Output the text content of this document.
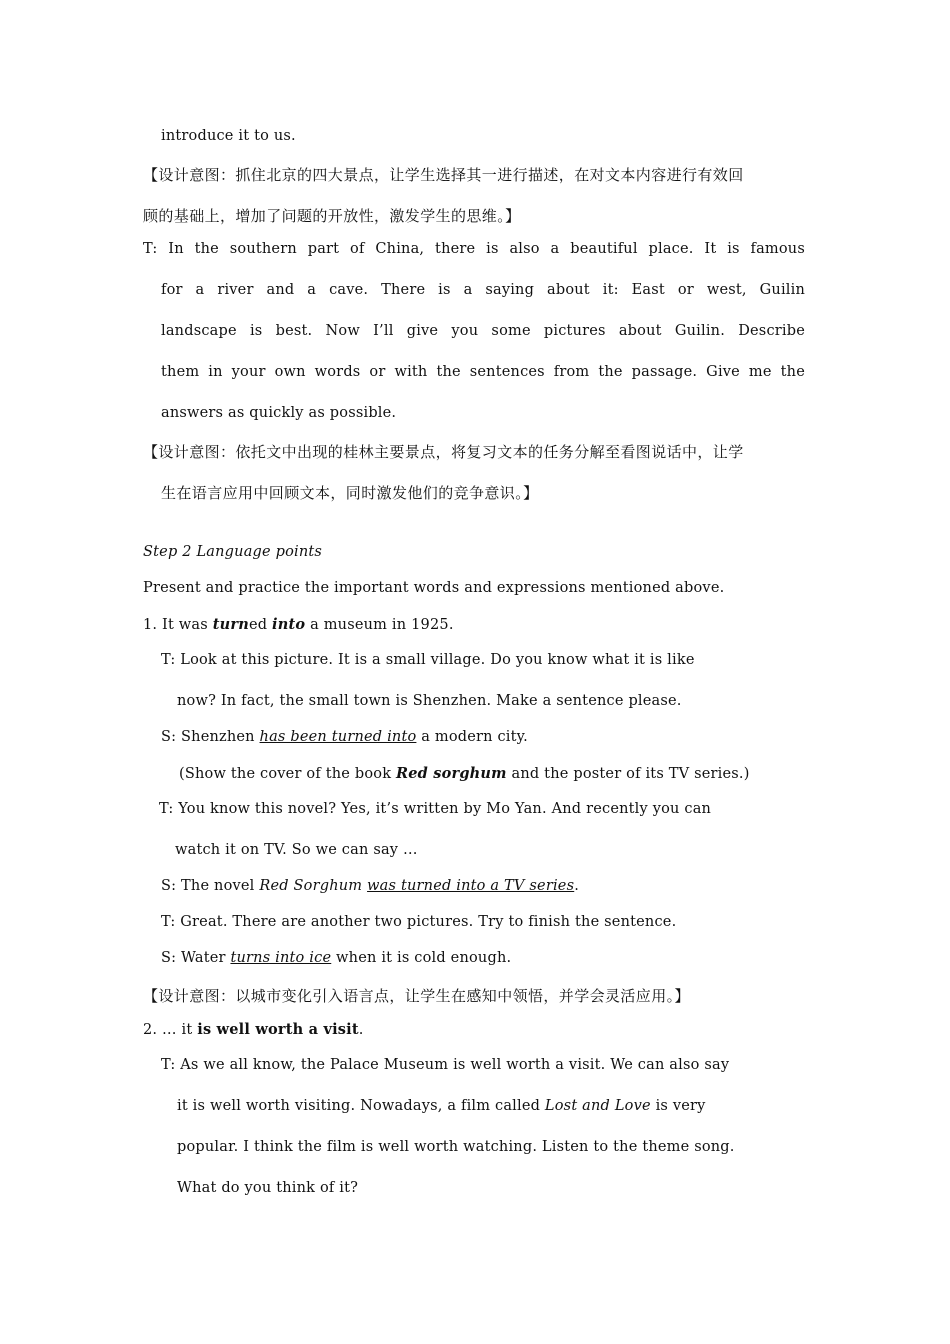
introduce it to us.
【设计意图：抓住北京的四大景点，让学生选择其一进行描述，在对文本内容进行有效回
顾的基础上，增加了问题的开放性，激发学生的思维。】
T: In the southern part of China, there is also a beautiful place. It is famous
for a river and a cave. There is a saying about it: East or west, Guilin
landscape is best. Now I’ll give you some pictures about Guilin. Describe
them in your own words or with the sentences from the passage. Give me the
answers as quickly as possible.
【设计意图：依托文中出现的桂林主要景点，将复习文本的任务分解至看图说话中，让学
生在语言应用中回顾文本，同时激发他们的竞争意识。】
Step 2 Language points
Present and practice the important words and expressions mentioned above.
1. It was turned into a museum in 1925.
T: Look at this picture. It is a small village. Do you know what it is like
now? In fact, the small town is Shenzhen. Make a sentence please.
S: Shenzhen has been turned into a modern city.
(Show the cover of the book Red sorghum and the poster of its TV series.)
T: You know this novel? Yes, it’s written by Mo Yan. And recently you can
watch it on TV. So we can say …
S: The novel Red Sorghum was turned into a TV series.
T: Great. There are another two pictures. Try to finish the sentence.
S: Water turns into ice when it is cold enough.
【设计意图：以城市变化引入语言点，让学生在感知中领悟，并学会灵活应用。】
2. … it is well worth a visit.
T: As we all know, the Palace Museum is well worth a visit. We can also say
it is well worth visiting. Nowadays, a film called Lost and Love is very
popular. I think the film is well worth watching. Listen to the theme song.
What do you think of it?
